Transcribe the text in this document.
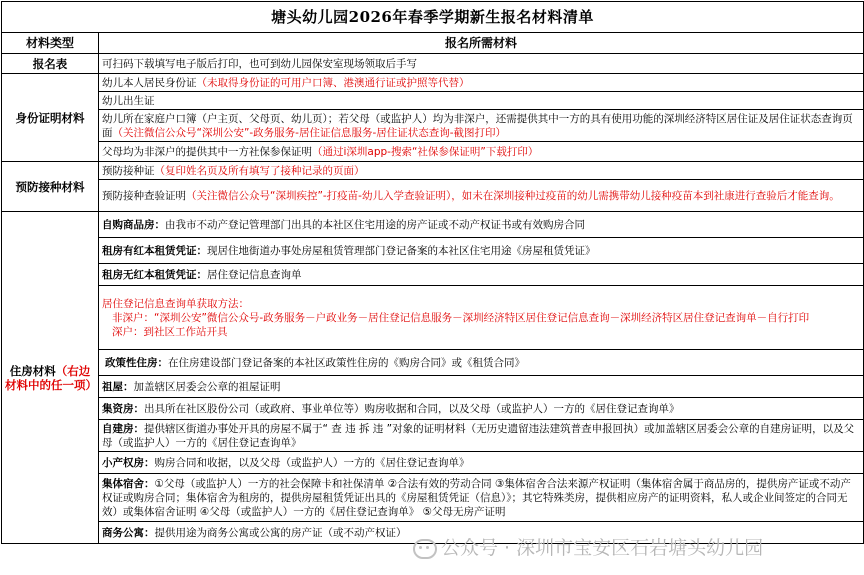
塘头幼儿园2026年春季学期新生报名材料清单	
材料类型	报名所需材料
报名表	可扫码下载填写电子版后打印，也可到幼儿园保安室现场领取后手写
身份证明材料	幼儿本人居民身份证（未取得身份证的可用户口簿、港澳通行证或护照等代替）
	幼儿出生证
	幼儿所在家庭户口簿（户主页、父母页、幼儿页）；若父母（或监护人）均为非深户，还需提供其中一方的具有使用功能的深圳经济特区居住证及居住证状态查询页面（关注微信公众号“深圳公安”-政务服务-居住证信息服务-居住证状态查询-截图打印）
	父母均为非深户的提供其中一方社保参保证明（通过i深圳app-搜索“社保参保证明”下载打印）
预防接种材料	预防接种证（复印姓名页及所有填写了接种记录的页面）
	预防接种查验证明（关注微信公众号“深圳疾控”-打疫苗-幼儿入学查验证明），如未在深圳接种过疫苗的幼儿需携带幼儿接种疫苗本到社康进行查验后才能查询。
住房材料（右边材料中的任一项）	自购商品房：由我市不动产登记管理部门出具的本社区住宅用途的房产证或不动产权证书或有效购房合同
	租房有红本租赁凭证：现居住地街道办事处房屋租赁管理部门登记备案的本社区住宅用途《房屋租赁凭证》
	租房无红本租赁凭证：居住登记信息查询单

	居住登记信息查询单获取方法：
非深户：“深圳公安”微信公众号-政务服务－户政业务－居住登记信息服务－深圳经济特区居住登记信息查询－深圳经济特区居住登记查询单－自行打印
深户：到社区工作站开具

	政策性住房：在住房建设部门登记备案的本社区政策性住房的《购房合同》或《租赁合同》
	祖屋：加盖辖区居委会公章的祖屋证明
	集资房：出具所在社区股份公司（或政府、事业单位等）购房收据和合同，以及父母（或监护人）一方的《居住登记查询单》
	自建房：提供辖区街道办事处开具的房屋不属于“ 查 违 拆 违 ”对象的证明材料（无历史遗留违法建筑普查申报回执）或加盖辖区居委会公章的自建房证明，以及父母（或监护人）一方的《居住登记查询单》
	小产权房：购房合同和收据，以及父母（或监护人）一方的《居住登记查询单》
	集体宿舍：①父母（或监护人）一方的社会保障卡和社保清单 ②合法有效的劳动合同 ③集体宿舍合法来源产权证明（集体宿舍属于商品房的，提供房产证或不动产权证或购房合同；集体宿舍为租房的，提供房屋租赁凭证出具的《房屋租赁凭证（信息）》；其它特殊类房，提供相应房产的证明资料，私人或企业间签定的合同无效）或集体宿舍证明 ④父母（或监护人）一方的《居住登记查询单》 ⑤父母无房产证明
	商务公寓：提供用途为商务公寓或公寓的房产证（或不动产权证）
公众号 · 深圳市宝安区石岩塘头幼儿园
